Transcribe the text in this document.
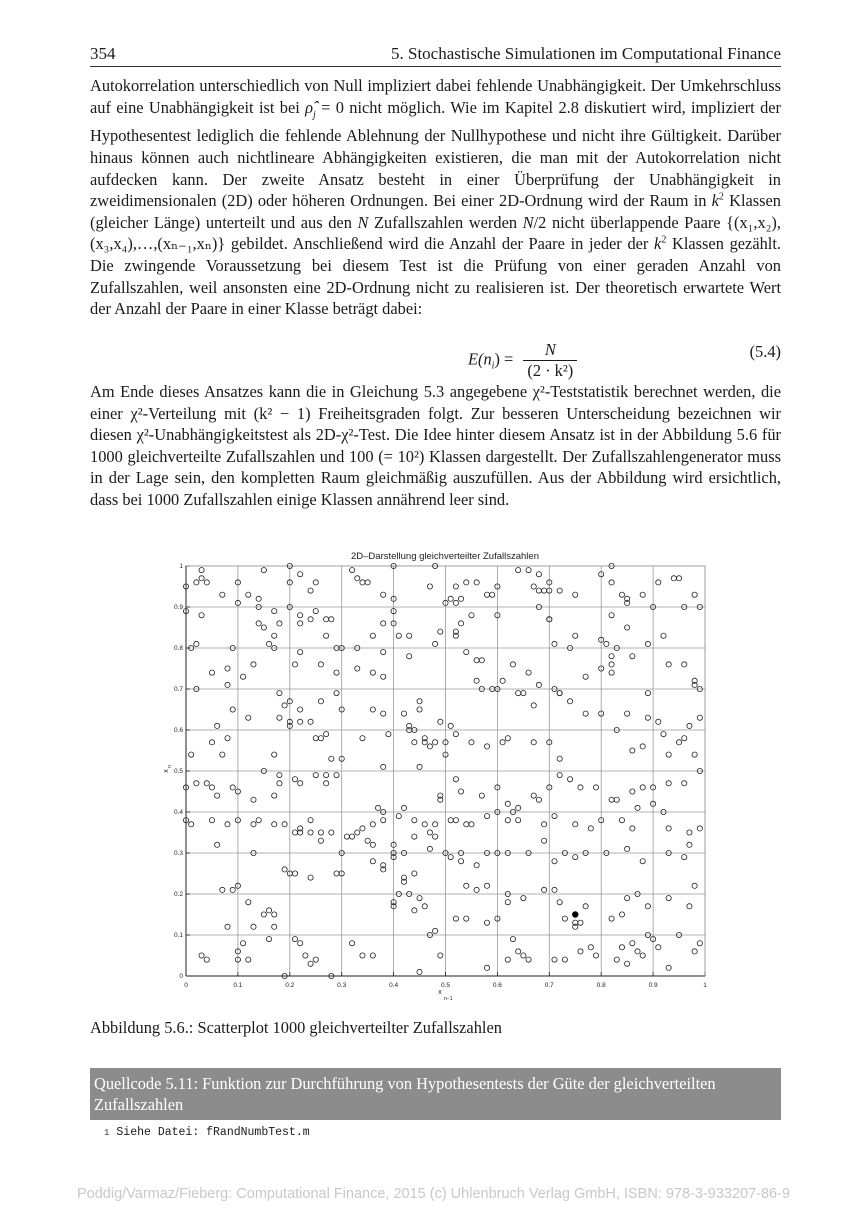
354	5. Stochastische Simulationen im Computational Finance

Autokorrelation unterschiedlich von Null impliziert dabei fehlende Unabhängigkeit. Der Umkehrschluss auf eine Unabhängigkeit ist bei $\rhô_j = 0$ nicht möglich. Wie im Kapitel 2.8 diskutiert wird, impliziert der Hypothesentest lediglich die fehlende Ablehnung der Nullhypothese und nicht ihre Gültigkeit. Darüber hinaus können auch nichtlineare Abhängigkeiten existieren, die man mit der Autokorrelation nicht aufdecken kann. Der zweite Ansatz besteht in einer Überprüfung der Unabhängigkeit in zweidimensionalen (2D) oder höheren Ordnungen. Bei einer 2D-Ordnung wird der Raum in $k^2$ Klassen (gleicher Länge) unterteilt und aus den N Zufallszahlen werden N/2 nicht überlappende Paare {(x₁,x₂),(x₃,x₄),…,(xₙ₋₁,xₙ)} gebildet. Anschließend wird die Anzahl der Paare in jeder der $k^2$ Klassen gezählt. Die zwingende Voraussetzung bei diesem Test ist die Prüfung von einer geraden Anzahl von Zufallszahlen, weil ansonsten eine 2D-Ordnung nicht zu realisieren ist. Der theoretisch erwartete Wert der Anzahl der Paare in einer Klasse beträgt dabei:

$E(n_i) = \frac{N}{\text{(2 · k²)}}$	(5.4)

Am Ende dieses Ansatzes kann die in Gleichung 5.3 angegebene χ²-Teststatistik berechnet werden, die einer χ²-Verteilung mit (k² − 1) Freiheitsgraden folgt. Zur besseren Unterscheidung bezeichnen wir diesen χ²-Unabhängigkeitstest als 2D-χ²-Test. Die Idee hinter diesem Ansatz ist in der Abbildung 5.6 für 1000 gleichverteilte Zufallszahlen und 100 (= 10²) Klassen dargestellt. Der Zufallszahlengenerator muss in der Lage sein, den kompletten Raum gleichmäßig auszufüllen. Aus der Abbildung wird ersichtlich, dass bei 1000 Zufallszahlen einige Klassen annährend leer sind.

2D–Darstellung gleichverteilter Zufallszahlen
0	0.1	0.2	0.3	0.4	0.5	0.6	0.7	0.8	0.9	1
0
0.1
0.2
0.3
0.4
0.5
0.6
0.7
0.8
0.9
1
x
n−1
x
n
Abbildung 5.6.: Scatterplot 1000 gleichverteilter Zufallszahlen
Quellcode 5.11: Funktion zur Durchführung von Hypothesentests der Güte der gleichverteilten Zufallszahlen
1 Siehe Datei: fRandNumbTest.m
Poddig/Varmaz/Fieberg: Computational Finance, 2015 (c) Uhlenbruch Verlag GmbH, ISBN: 978-3-933207-86-9
